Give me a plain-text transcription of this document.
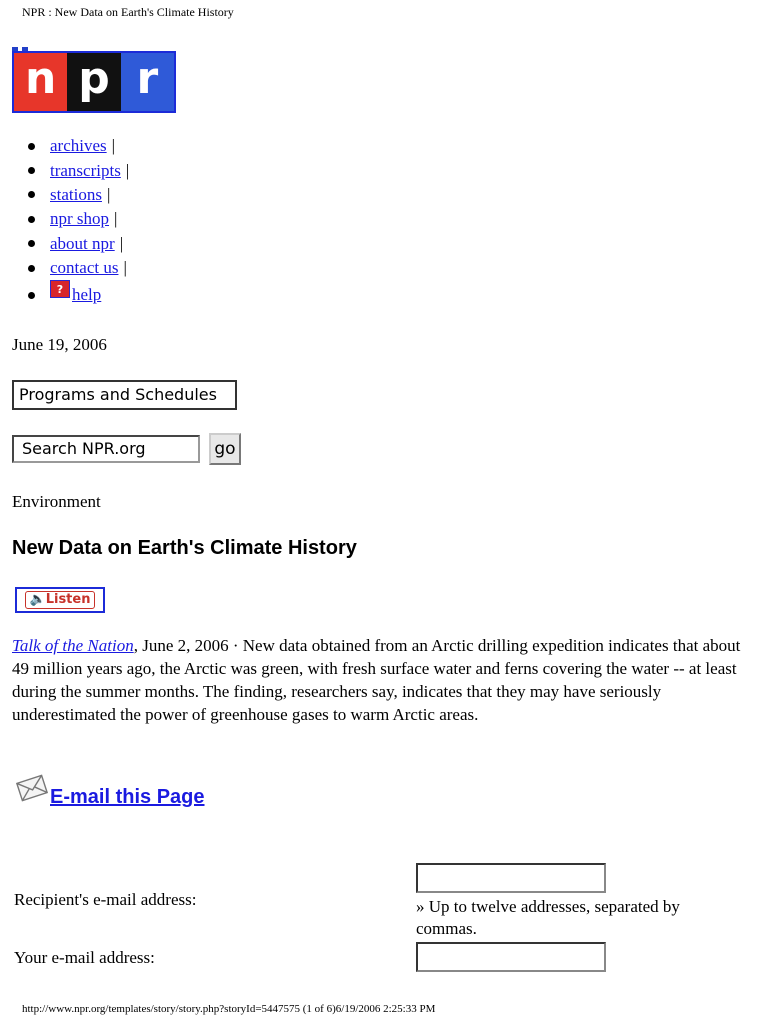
NPR : New Data on Earth's Climate History
n p r
archives |
transcripts |
stations |
npr shop |
about npr |
contact us |
? help
June 19, 2006
Programs and Schedules
Search NPR.org	go
Environment
New Data on Earth's Climate History
🔈Listen

Talk of the Nation, June 2, 2006 · New data obtained from an Arctic drilling expedition indicates that about 49 million years ago, the Arctic was green, with fresh surface water and ferns covering the water -- at least during the summer months. The finding, researchers say, indicates that they may have seriously underestimated the power of greenhouse gases to warm Arctic areas.

E-mail this Page
Recipient's e-mail address:	» Up to twelve addresses, separated by commas.
Your e-mail address:
http://www.npr.org/templates/story/story.php?storyId=5447575 (1 of 6)6/19/2006 2:25:33 PM
